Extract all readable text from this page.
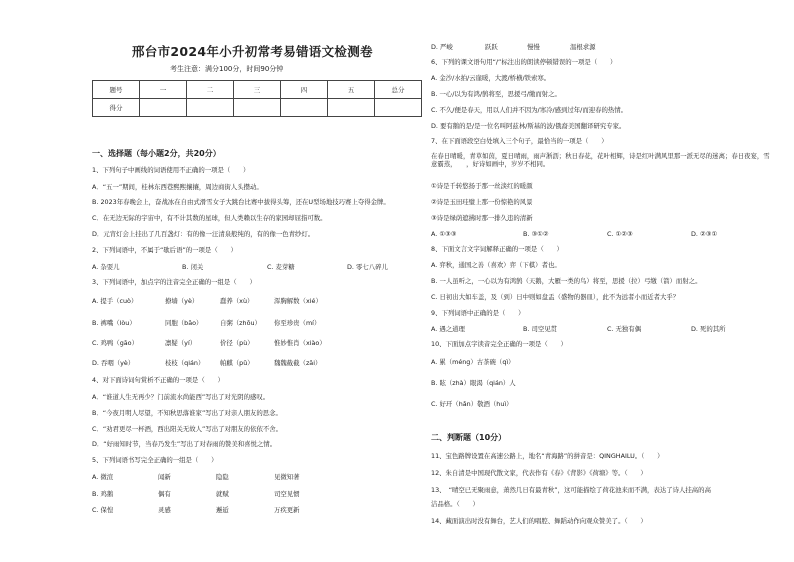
邢台市2024年小升初常考易错语文检测卷
考生注意：满分100分，时间90分钟
题号	一	二	三	四	五	总分
得分						
一、选择题（每小题2分，共20分）
1、下列句子中画线的词语使用不正确的一项是（　　）
A．“五一”期间，桂林东西巷熙熙攘攘，周边商街人头攒动。
B. 2023年春晚会上，奋战冰在自由式滑雪女子大跳台比赛中拔得头筹，还在U型场地技巧赛上夺得金牌。
C．在无边无际的宇宙中，有不计其数的星球，但人类赖以生存的家园却屈指可数。
D．元宵灯会上挂出了几百盏灯：有的像一汪清泉般纯的，有的像一色青纱灯。
2、下列词语中，不属于“歇后语”的一项是（　　）
A. 杂耍儿	B. 闭关	C. 麦芽糖	D. 零七八碎儿
3、下列词语中，加点字的注音完全正确的一组是（　　）
A. 提手（cuò）	撩墙（yè）	蠢养（xù）	浑胸解数（xié）
B. 裤嘴（lòu）	同胞（bāo）	自粥（zhōu） 你至珍贵（mí）
C. 鸡鸭（gāo）	凛疑（yí）	价径（pù）	惟妙惟肖（xiào）
D. 吞咽（yè）	枝枝（qián） 帕麒（pǔ）	魏魏截截（zāi）
4、对下面诗词句赏析不正确的一项是（　　）
A．“谁道人生无再少？门前流水尚能西”写出了对光阴的感叹。
B．“今夜月明人尽望，不知秋思落谁家”写出了对亲人朋友的思念。
C．“劝君更尽一杯酒，西出阳关无故人”写出了对朋友的依依不舍。
D．“好雨知时节，当春乃发生”写出了对春雨的赞美和喜悦之情。
5、下列词语书写完全正确的一组是（　　）
A. 微渲	闻新	隐隐	见微知著
B. 鸡鹅	偶有	就赋	司空见惯
C. 保惶	灵感	邂逅	万疾更新
D. 严峻	跃跃	慢慢	温根求源
6、下列的课文语句用“/”标注出的朗读停顿错误的一项是（　　）
A. 金沙/水拍/云崖暖，大渡/桥横/铁索寒。
B. 一心/以为有鸿/鹄将至，思援弓/缴而射之。
C. 不久/便是春天，用以人们并不因为/寒冷/感到过年/而迎春的热情。
D. 要有鹅的是/是一位名叫阿兹林/斯基的波/俄裔美国翻译研究专家。
7、在下面语段空白处填入三个句子，最恰当的一项是（　　）
在春日晴暖，青草如茵，夏日晴雨，雨声淅沥；秋日春花，花叶相辉，诗是红叶满风里那一派无尽的迷离；春日夜宴，雪意霸蒸，　　，好诗如画中，岁岁不相同。
①诗是千转悠扬于那一丝淡红的暖颜
②诗是玉田珪璧上那一份惊艳的风景
③诗是绿荫遮拂时那一排久违的清新
A. ①③③	B. ③①②	C. ①②③	D. ②③①
8、下面文言文字词解释正确的一项是（　　）
A. 弈秋，通国之善（喜欢）弈（下棋）者也。
B. 一人虽听之，一心以为有鸿鹄（天鹅，大雁一类的鸟）将至，思援（拉）弓缴（箭）而射之。
C. 日初出大如车盖，及（到）日中则如盘盂（盛物的器皿），此不为远者小而近者大乎？
9、下列词语中正确的是（　　）
A. 遇之道理	B. 司空见贯	C. 无独有偶	D. 死的其所
10、下面加点字读音完全正确的一项是（　　）
A. 累（méng）古茶碗（qì）
B. 眩（zhà）眼渴（qián）人
C. 好玕（hǎn）敬酒（huì）
二、判断题（10分）
11、宝色路牌设置在高速公路上，地名“青海路”的拼音是：QINGHAILU。（　　）
12、朱自清是中国现代散文家，代表作有《春》《背影》《荷塘》等。（　　）
13、　“晴空已无聚雨意，萧然几日有最青秋”，这可能描绘了荷花池来而不满，表达了诗人挂高的高
洁品格。（　　）
14、藏面演出时没有舞台，艺人们的唱腔、舞蹈动作向观众赞美了。（　　）
